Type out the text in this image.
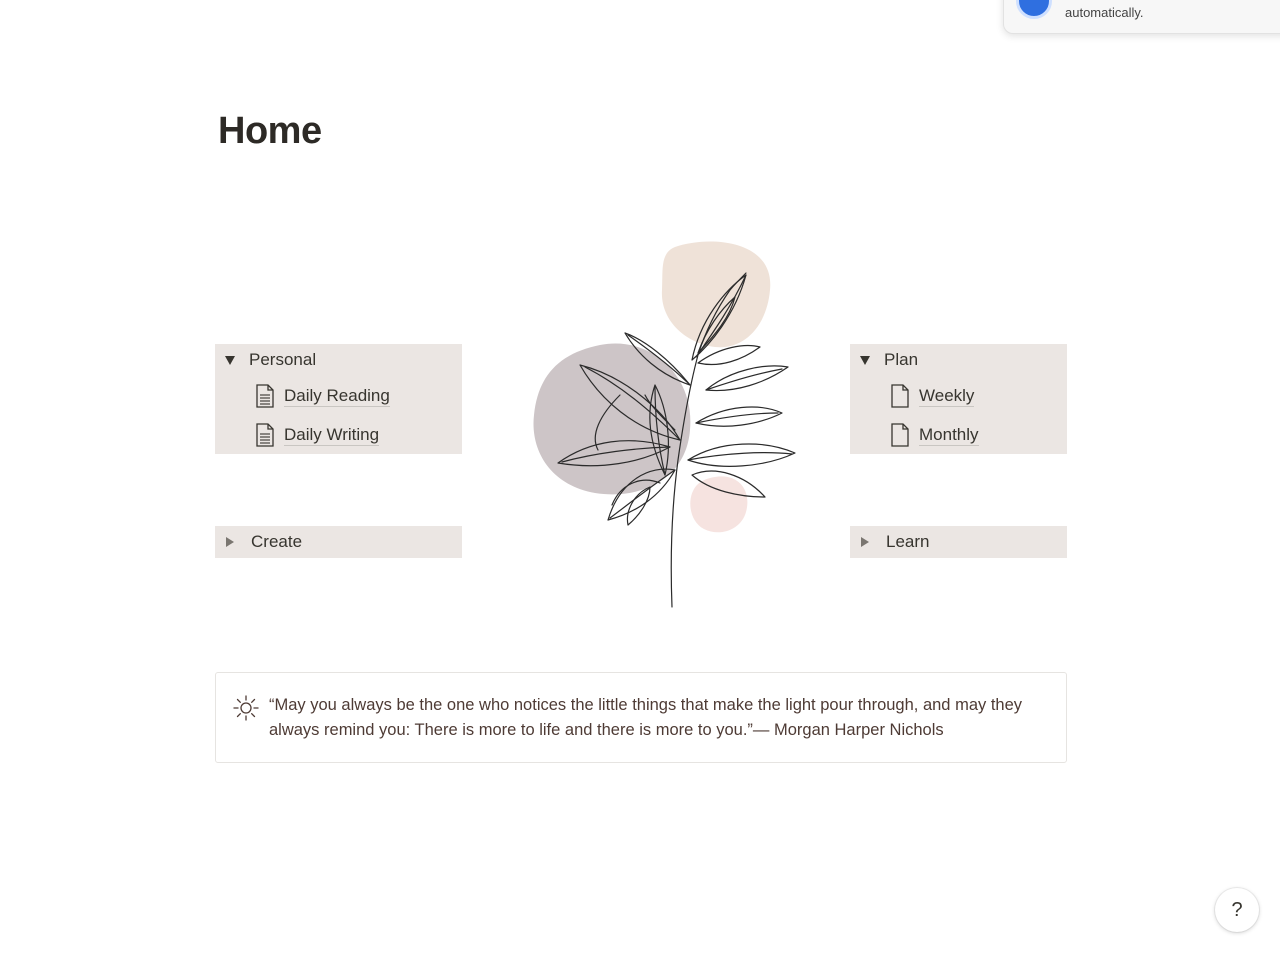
automatically.
Home
Personal
Daily Reading
Daily Writing
Create
Plan
Weekly
Monthly
Learn
“May you always be the one who notices the little things that make the light pour through, and may they always remind you: There is more to life and there is more to you.”— Morgan Harper Nichols
?
